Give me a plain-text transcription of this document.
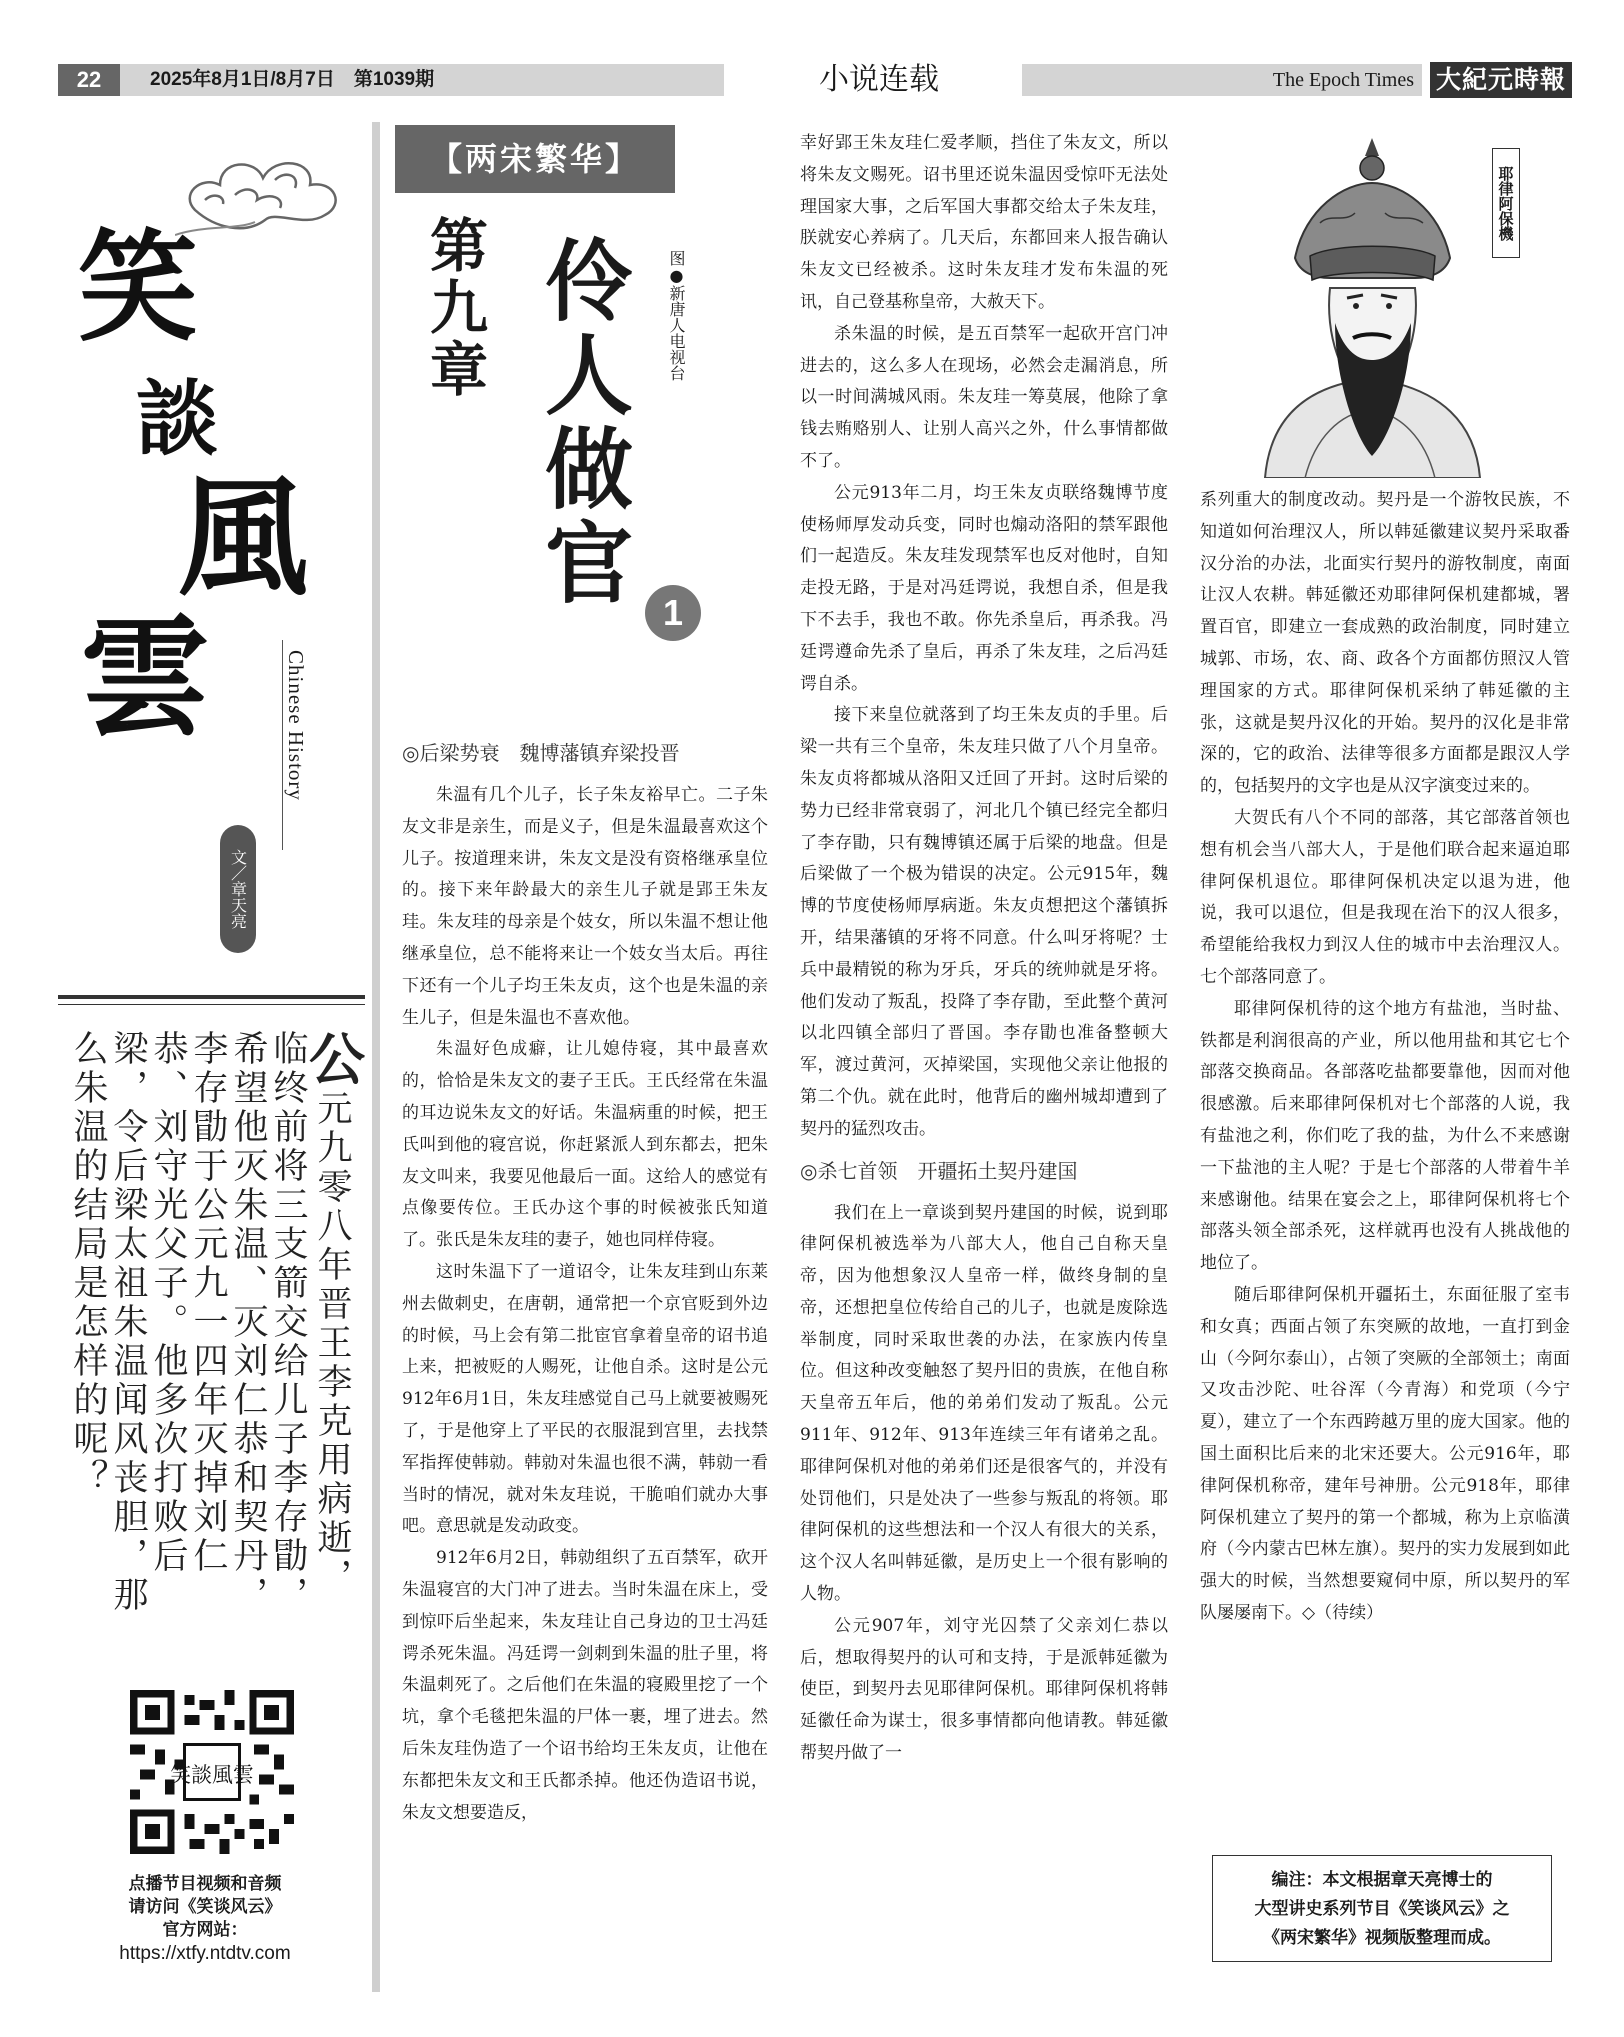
22	2025年8月1日/8月7日　第1039期	小说连载	The Epoch Times 大紀元時報
笑
談
風
雲	Chinese History
文／章天亮
公元九零八年晋王李克用病逝，临终前将三支箭交给儿子李存勖，希望他灭朱温、灭刘仁恭和契丹，李存勖于公元九一四年灭掉刘仁恭、刘守光父子。他多次打败后梁，令后梁太祖朱温闻风丧胆，那么朱温的结局是怎样的呢？
笑談風雲
点播节目视频和音频
请访问《笑谈风云》
官方网站：
https://xtfy.ntdtv.com
【两宋繁华】
第九章 伶人做官
1
图●新唐人电视台

◎后梁势衰　魏博藩镇弃梁投晋

朱温有几个儿子，长子朱友裕早亡。二子朱友文非是亲生，而是义子，但是朱温最喜欢这个儿子。按道理来讲，朱友文是没有资格继承皇位的。接下来年龄最大的亲生儿子就是郢王朱友珪。朱友珪的母亲是个妓女，所以朱温不想让他继承皇位，总不能将来让一个妓女当太后。再往下还有一个儿子均王朱友贞，这个也是朱温的亲生儿子，但是朱温也不喜欢他。

朱温好色成癖，让儿媳侍寝，其中最喜欢的，恰恰是朱友文的妻子王氏。王氏经常在朱温的耳边说朱友文的好话。朱温病重的时候，把王氏叫到他的寝宫说，你赶紧派人到东都去，把朱友文叫来，我要见他最后一面。这给人的感觉有点像要传位。王氏办这个事的时候被张氏知道了。张氏是朱友珪的妻子，她也同样侍寝。

这时朱温下了一道诏令，让朱友珪到山东莱州去做刺史，在唐朝，通常把一个京官贬到外边的时候，马上会有第二批宦官拿着皇帝的诏书追上来，把被贬的人赐死，让他自杀。这时是公元912年6月1日，朱友珪感觉自己马上就要被赐死了，于是他穿上了平民的衣服混到宫里，去找禁军指挥使韩勍。韩勍对朱温也很不满，韩勍一看当时的情况，就对朱友珪说，干脆咱们就办大事吧。意思就是发动政变。

912年6月2日，韩勍组织了五百禁军，砍开朱温寝宫的大门冲了进去。当时朱温在床上，受到惊吓后坐起来，朱友珪让自己身边的卫士冯廷谔杀死朱温。冯廷谔一剑刺到朱温的肚子里，将朱温刺死了。之后他们在朱温的寝殿里挖了一个坑，拿个毛毯把朱温的尸体一裹，埋了进去。然后朱友珪伪造了一个诏书给均王朱友贞，让他在东都把朱友文和王氏都杀掉。他还伪造诏书说，朱友文想要造反，

幸好郢王朱友珪仁爱孝顺，挡住了朱友文，所以将朱友文赐死。诏书里还说朱温因受惊吓无法处理国家大事，之后军国大事都交给太子朱友珪，朕就安心养病了。几天后，东都回来人报告确认朱友文已经被杀。这时朱友珪才发布朱温的死讯，自己登基称皇帝，大赦天下。

杀朱温的时候，是五百禁军一起砍开宫门冲进去的，这么多人在现场，必然会走漏消息，所以一时间满城风雨。朱友珪一筹莫展，他除了拿钱去贿赂别人、让别人高兴之外，什么事情都做不了。

公元913年二月，均王朱友贞联络魏博节度使杨师厚发动兵变，同时也煽动洛阳的禁军跟他们一起造反。朱友珪发现禁军也反对他时，自知走投无路，于是对冯廷谔说，我想自杀，但是我下不去手，我也不敢。你先杀皇后，再杀我。冯廷谔遵命先杀了皇后，再杀了朱友珪，之后冯廷谔自杀。

接下来皇位就落到了均王朱友贞的手里。后梁一共有三个皇帝，朱友珪只做了八个月皇帝。朱友贞将都城从洛阳又迁回了开封。这时后梁的势力已经非常衰弱了，河北几个镇已经完全都归了李存勖，只有魏博镇还属于后梁的地盘。但是后梁做了一个极为错误的决定。公元915年，魏博的节度使杨师厚病逝。朱友贞想把这个藩镇拆开，结果藩镇的牙将不同意。什么叫牙将呢？士兵中最精锐的称为牙兵，牙兵的统帅就是牙将。他们发动了叛乱，投降了李存勖，至此整个黄河以北四镇全部归了晋国。李存勖也准备整顿大军，渡过黄河，灭掉梁国，实现他父亲让他报的第二个仇。就在此时，他背后的幽州城却遭到了契丹的猛烈攻击。

◎杀七首领　开疆拓土契丹建国

我们在上一章谈到契丹建国的时候，说到耶律阿保机被选举为八部大人，他自己自称天皇帝，因为他想象汉人皇帝一样，做终身制的皇帝，还想把皇位传给自己的儿子，也就是废除选举制度，同时采取世袭的办法，在家族内传皇位。但这种改变触怒了契丹旧的贵族，在他自称天皇帝五年后，他的弟弟们发动了叛乱。公元911年、912年、913年连续三年有诸弟之乱。耶律阿保机对他的弟弟们还是很客气的，并没有处罚他们，只是处决了一些参与叛乱的将领。耶律阿保机的这些想法和一个汉人有很大的关系，这个汉人名叫韩延徽，是历史上一个很有影响的人物。

公元907年，刘守光囚禁了父亲刘仁恭以后，想取得契丹的认可和支持，于是派韩延徽为使臣，到契丹去见耶律阿保机。耶律阿保机将韩延徽任命为谋士，很多事情都向他请教。韩延徽帮契丹做了一

系列重大的制度改动。契丹是一个游牧民族，不知道如何治理汉人，所以韩延徽建议契丹采取番汉分治的办法，北面实行契丹的游牧制度，南面让汉人农耕。韩延徽还劝耶律阿保机建都城，署置百官，即建立一套成熟的政治制度，同时建立城郭、市场，农、商、政各个方面都仿照汉人管理国家的方式。耶律阿保机采纳了韩延徽的主张，这就是契丹汉化的开始。契丹的汉化是非常深的，它的政治、法律等很多方面都是跟汉人学的，包括契丹的文字也是从汉字演变过来的。

大贺氏有八个不同的部落，其它部落首领也想有机会当八部大人，于是他们联合起来逼迫耶律阿保机退位。耶律阿保机决定以退为进，他说，我可以退位，但是我现在治下的汉人很多，希望能给我权力到汉人住的城市中去治理汉人。七个部落同意了。

耶律阿保机待的这个地方有盐池，当时盐、铁都是利润很高的产业，所以他用盐和其它七个部落交换商品。各部落吃盐都要靠他，因而对他很感激。后来耶律阿保机对七个部落的人说，我有盐池之利，你们吃了我的盐，为什么不来感谢一下盐池的主人呢？于是七个部落的人带着牛羊来感谢他。结果在宴会之上，耶律阿保机将七个部落头领全部杀死，这样就再也没有人挑战他的地位了。

随后耶律阿保机开疆拓土，东面征服了室韦和女真；西面占领了东突厥的故地，一直打到金山（今阿尔泰山），占领了突厥的全部领土；南面又攻击沙陀、吐谷浑（今青海）和党项（今宁夏），建立了一个东西跨越万里的庞大国家。他的国土面积比后来的北宋还要大。公元916年，耶律阿保机称帝，建年号神册。公元918年，耶律阿保机建立了契丹的第一个都城，称为上京临潢府（今内蒙古巴林左旗）。契丹的实力发展到如此强大的时候，当然想要窥伺中原，所以契丹的军队屡屡南下。◇（待续）

耶律阿保機
编注：本文根据章天亮博士的
大型讲史系列节目《笑谈风云》之
《两宋繁华》视频版整理而成。
